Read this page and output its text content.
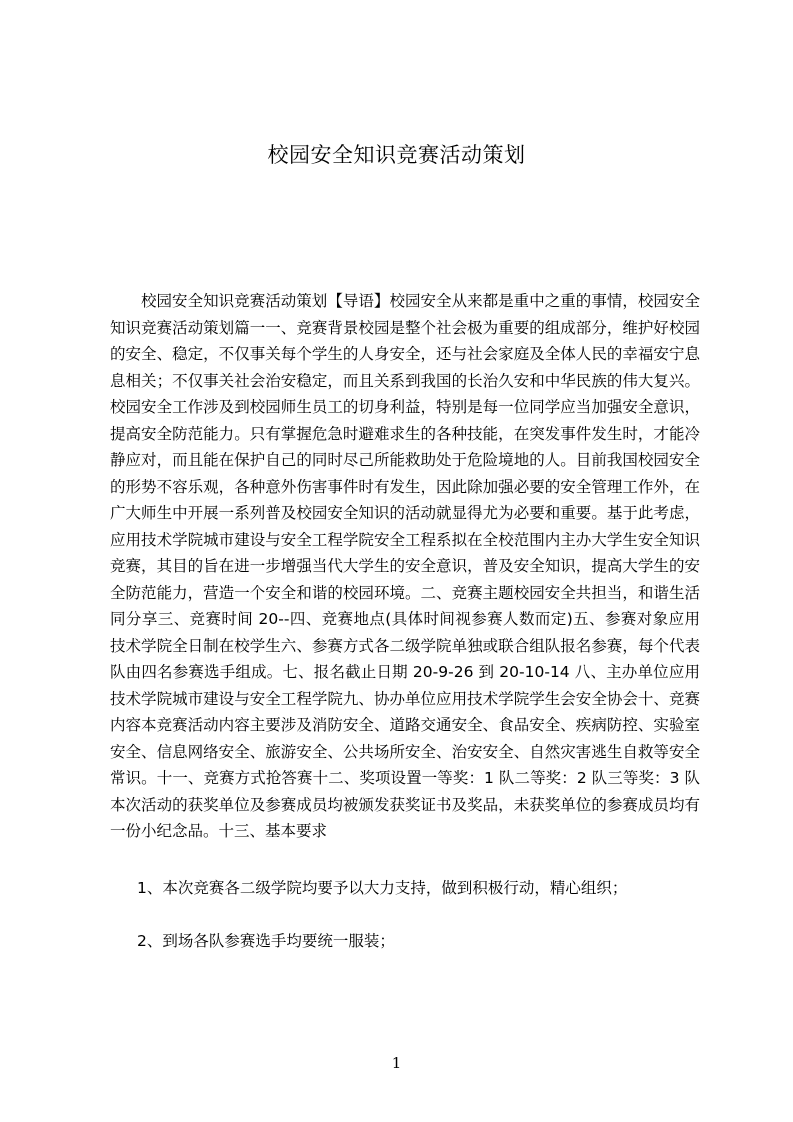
校园安全知识竞赛活动策划

校园安全知识竞赛活动策划【导语】校园安全从来都是重中之重的事情，校园安全知识竞赛活动策划篇一一、竞赛背景校园是整个社会极为重要的组成部分，维护好校园的安全、稳定，不仅事关每个学生的人身安全，还与社会家庭及全体人民的幸福安宁息息相关；不仅事关社会治安稳定，而且关系到我国的长治久安和中华民族的伟大复兴。校园安全工作涉及到校园师生员工的切身利益，特别是每一位同学应当加强安全意识，提高安全防范能力。只有掌握危急时避难求生的各种技能，在突发事件发生时，才能冷静应对，而且能在保护自己的同时尽己所能救助处于危险境地的人。目前我国校园安全的形势不容乐观，各种意外伤害事件时有发生，因此除加强必要的安全管理工作外，在广大师生中开展一系列普及校园安全知识的活动就显得尤为必要和重要。基于此考虑，应用技术学院城市建设与安全工程学院安全工程系拟在全校范围内主办大学生安全知识竞赛，其目的旨在进一步增强当代大学生的安全意识，普及安全知识，提高大学生的安全防范能力，营造一个安全和谐的校园环境。二、竞赛主题校园安全共担当，和谐生活同分享三、竞赛时间 20--四、竞赛地点(具体时间视参赛人数而定)五、参赛对象应用技术学院全日制在校学生六、参赛方式各二级学院单独或联合组队报名参赛，每个代表队由四名参赛选手组成。七、报名截止日期 20-9-26 到 20-10-14 八、主办单位应用技术学院城市建设与安全工程学院九、协办单位应用技术学院学生会安全协会十、竞赛内容本竞赛活动内容主要涉及消防安全、道路交通安全、食品安全、疾病防控、实验室安全、信息网络安全、旅游安全、公共场所安全、治安安全、自然灾害逃生自救等安全常识。十一、竞赛方式抢答赛十二、奖项设置一等奖：1 队二等奖：2 队三等奖：3 队本次活动的获奖单位及参赛成员均被颁发获奖证书及奖品，未获奖单位的参赛成员均有一份小纪念品。十三、基本要求

1、本次竞赛各二级学院均要予以大力支持，做到积极行动，精心组织；

2、到场各队参赛选手均要统一服装；

1
